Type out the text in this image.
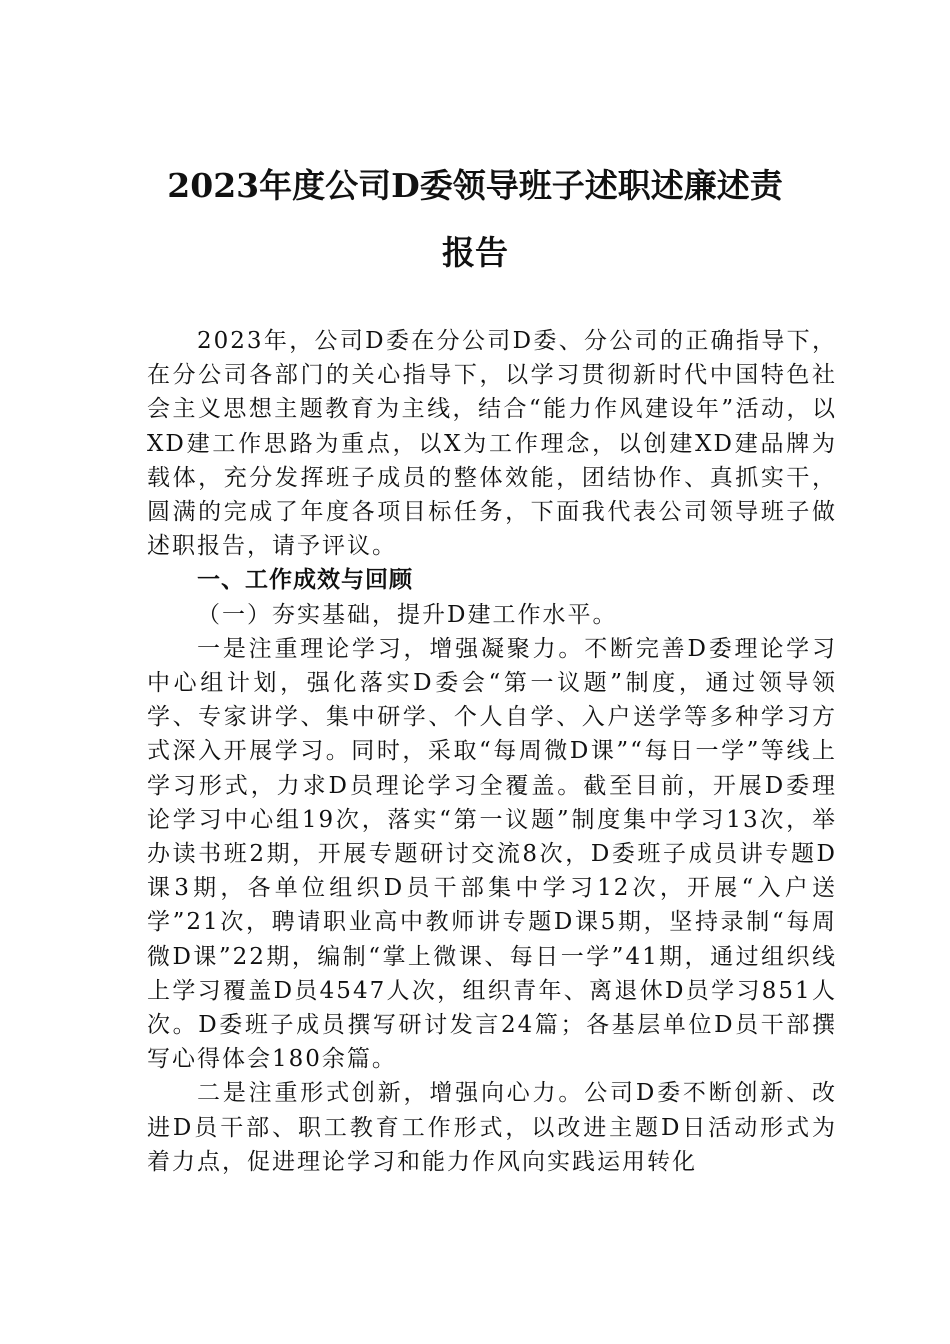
2023年度公司D委领导班子述职述廉述责
报告

2023年，公司D委在分公司D委、分公司的正确指导下，在分公司各部门的关心指导下，以学习贯彻新时代中国特色社会主义思想主题教育为主线，结合“能力作风建设年”活动，以XD建工作思路为重点，以X为工作理念，以创建XD建品牌为载体，充分发挥班子成员的整体效能，团结协作、真抓实干，圆满的完成了年度各项目标任务，下面我代表公司领导班子做述职报告，请予评议。

一、工作成效与回顾

（一）夯实基础，提升D建工作水平。

一是注重理论学习，增强凝聚力。不断完善D委理论学习中心组计划，强化落实D委会“第一议题”制度，通过领导领学、专家讲学、集中研学、个人自学、入户送学等多种学习方式深入开展学习。同时，采取“每周微D课”“每日一学”等线上学习形式，力求D员理论学习全覆盖。截至目前，开展D委理论学习中心组19次，落实“第一议题”制度集中学习13次，举办读书班2期，开展专题研讨交流8次，D委班子成员讲专题D课3期，各单位组织D员干部集中学习12次，开展“入户送学”21次，聘请职业高中教师讲专题D课5期，坚持录制“每周微D课”22期，编制“掌上微课、每日一学”41期，通过组织线上学习覆盖D员4547人次，组织青年、离退休D员学习851人次。D委班子成员撰写研讨发言24篇；各基层单位D员干部撰写心得体会180余篇。

二是注重形式创新，增强向心力。公司D委不断创新、改进D员干部、职工教育工作形式，以改进主题D日活动形式为着力点，促进理论学习和能力作风向实践运用转化
